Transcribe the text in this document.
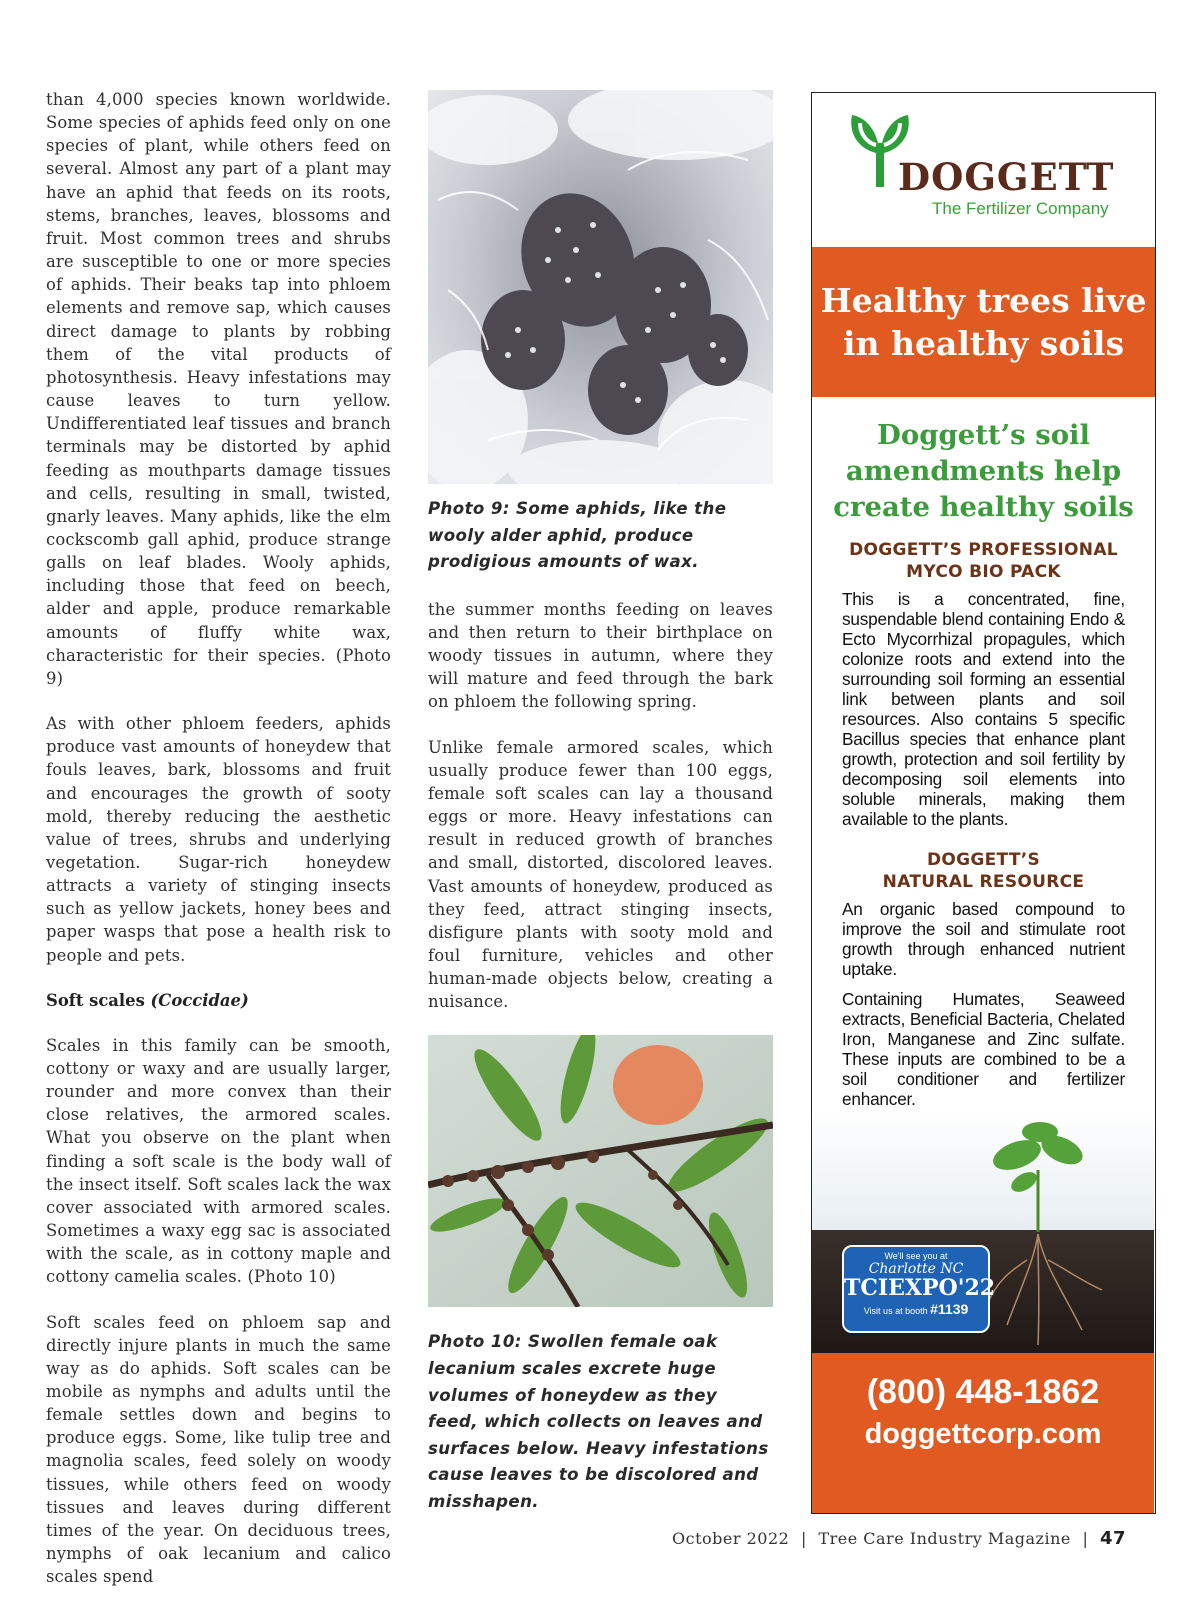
than 4,000 species known worldwide. Some species of aphids feed only on one species of plant, while others feed on several. Almost any part of a plant may have an aphid that feeds on its roots, stems, branches, leaves, blossoms and fruit. Most common trees and shrubs are susceptible to one or more species of aphids. Their beaks tap into phloem elements and remove sap, which causes direct damage to plants by robbing them of the vital products of photosynthesis. Heavy infestations may cause leaves to turn yellow. Undifferentiated leaf tissues and branch terminals may be distorted by aphid feeding as mouthparts damage tissues and cells, resulting in small, twisted, gnarly leaves. Many aphids, like the elm cockscomb gall aphid, produce strange galls on leaf blades. Wooly aphids, including those that feed on beech, alder and apple, produce remarkable amounts of fluffy white wax, characteristic for their species. (Photo 9)

As with other phloem feeders, aphids produce vast amounts of honeydew that fouls leaves, bark, blossoms and fruit and encourages the growth of sooty mold, thereby reducing the aesthetic value of trees, shrubs and underlying vegetation. Sugar-rich honeydew attracts a variety of stinging insects such as yellow jackets, honey bees and paper wasps that pose a health risk to people and pets.

Soft scales (Coccidae)

Scales in this family can be smooth, cottony or waxy and are usually larger, rounder and more convex than their close relatives, the armored scales. What you observe on the plant when finding a soft scale is the body wall of the insect itself. Soft scales lack the wax cover associated with armored scales. Sometimes a waxy egg sac is associated with the scale, as in cottony maple and cottony camelia scales. (Photo 10)

Soft scales feed on phloem sap and directly injure plants in much the same way as do aphids. Soft scales can be mobile as nymphs and adults until the female settles down and begins to produce eggs. Some, like tulip tree and magnolia scales, feed solely on woody tissues, while others feed on woody tissues and leaves during different times of the year. On deciduous trees, nymphs of oak lecanium and calico scales spend

Photo 9: Some aphids, like the wooly alder aphid, produce prodigious amounts of wax.

the summer months feeding on leaves and then return to their birthplace on woody tissues in autumn, where they will mature and feed through the bark on phloem the following spring.

Unlike female armored scales, which usually produce fewer than 100 eggs, female soft scales can lay a thousand eggs or more. Heavy infestations can result in reduced growth of branches and small, distorted, discolored leaves. Vast amounts of honeydew, produced as they feed, attract stinging insects, disfigure plants with sooty mold and foul furniture, vehicles and other human-made objects below, creating a nuisance.

Photo 10: Swollen female oak lecanium scales excrete huge volumes of honeydew as they feed, which collects on leaves and surfaces below. Heavy infestations cause leaves to be discolored and misshapen.

DOGGETT
The Fertilizer Company

Healthy trees live
in healthy soils

Doggett’s soil amendments help create healthy soils

DOGGETT’S PROFESSIONAL
MYCO BIO PACK

This is a concentrated, fine, suspendable blend containing Endo & Ecto Mycorrhizal propagules, which colonize roots and extend into the surrounding soil forming an essential link between plants and soil resources. Also contains 5 specific Bacillus species that enhance plant growth, protection and soil fertility by decomposing soil elements into soluble minerals, making them available to the plants.

DOGGETT’S
NATURAL RESOURCE

An organic based compound to improve the soil and stimulate root growth through enhanced nutrient uptake.

Containing Humates, Seaweed extracts, Beneficial Bacteria, Chelated Iron, Manganese and Zinc sulfate. These inputs are combined to be a soil conditioner and fertilizer enhancer.

We'll see you at
Charlotte NC
TCIEXPO'22
Visit us at booth #1139
(800) 448-1862
doggettcorp.com
October 2022 | Tree Care Industry Magazine | 47
